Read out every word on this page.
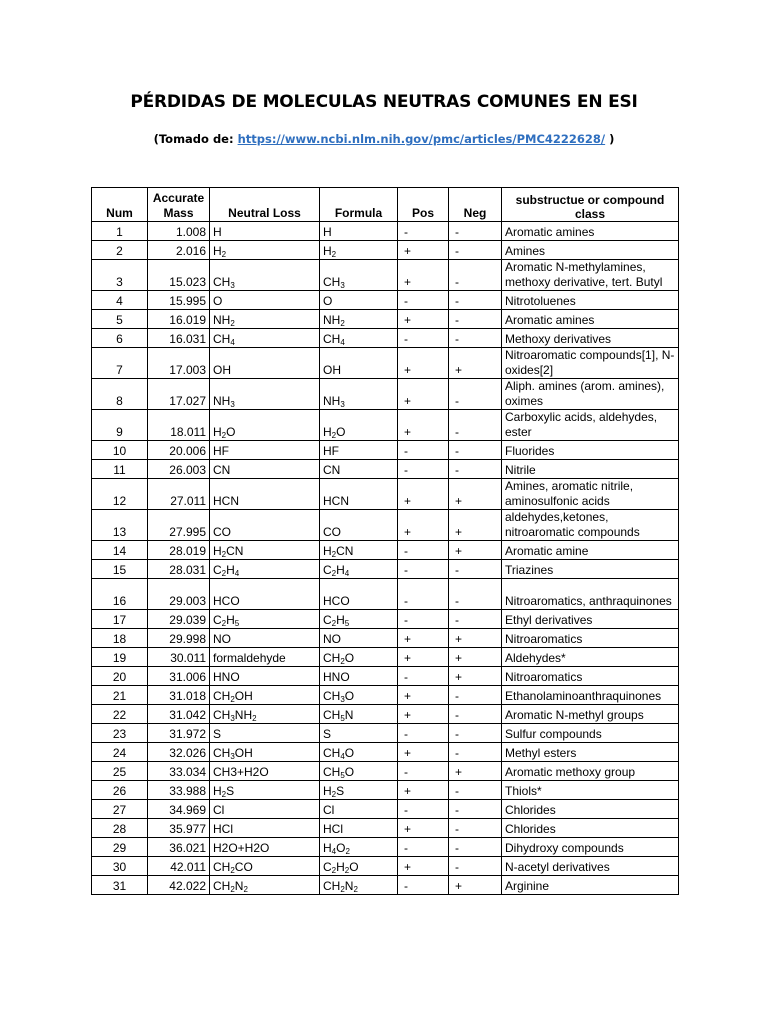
PÉRDIDAS DE MOLECULAS NEUTRAS COMUNES EN ESI
(Tomado de: https://www.ncbi.nlm.nih.gov/pmc/articles/PMC4222628/ )
Num	Accurate Mass	Neutral Loss	Formula	Pos	Neg	substructue or compound class
1	1.008	H	H	-	-	Aromatic amines
2	2.016	$H_2$	$H_2$	+	-	Amines
3	15.023	$CH_3$	$CH_3$	+	-	Aromatic N-methylamines, methoxy derivative, tert. Butyl
4	15.995	O	O	-	-	Nitrotoluenes
5	16.019	$NH_2$	$NH_2$	+	-	Aromatic amines
6	16.031	$CH_4$	$CH_4$	-	-	Methoxy derivatives
7	17.003	OH	OH	+	+	Nitroaromatic compounds[1], N-oxides[2]
8	17.027	$NH_3$	$NH_3$	+	-	Aliph. amines (arom. amines), oximes
9	18.011	$H_2O$	$H_2O$	+	-	Carboxylic acids, aldehydes, ester
10	20.006	HF	HF	-	-	Fluorides
11	26.003	CN	CN	-	-	Nitrile
12	27.011	HCN	HCN	+	+	Amines, aromatic nitrile, aminosulfonic acids
13	27.995	CO	CO	+	+	aldehydes,ketones, nitroaromatic compounds
14	28.019	$H_2CN$	$H_2CN$	-	+	Aromatic amine
15	28.031	$C_2H_4$	$C_2H_4$	-	-	Triazines
16	29.003	HCO	HCO	-	-	Nitroaromatics, anthraquinones
17	29.039	$C_2H_5$	$C_2H_5$	-	-	Ethyl derivatives
18	29.998	NO	NO	+	+	Nitroaromatics
19	30.011	formaldehyde	$CH_2O$	+	+	Aldehydes*
20	31.006	HNO	HNO	-	+	Nitroaromatics
21	31.018	$CH_2OH$	$CH_3O$	+	-	Ethanolaminoanthraquinones
22	31.042	$CH_3NH_2$	$CH_5N$	+	-	Aromatic N-methyl groups
23	31.972	S	S	-	-	Sulfur compounds
24	32.026	$CH_3OH$	$CH_4O$	+	-	Methyl esters
25	33.034	CH3+H2O	$CH_5O$	-	+	Aromatic methoxy group
26	33.988	$H_2S$	$H_2S$	+	-	Thiols*
27	34.969	Cl	Cl	-	-	Chlorides
28	35.977	HCl	HCl	+	-	Chlorides
29	36.021	H2O+H2O	$H_4O_2$	-	-	Dihydroxy compounds
30	42.011	$CH_2CO$	$C_2H_2O$	+	-	N-acetyl derivatives
31	42.022	$CH_2N_2$	$CH_2N_2$	-	+	Arginine
